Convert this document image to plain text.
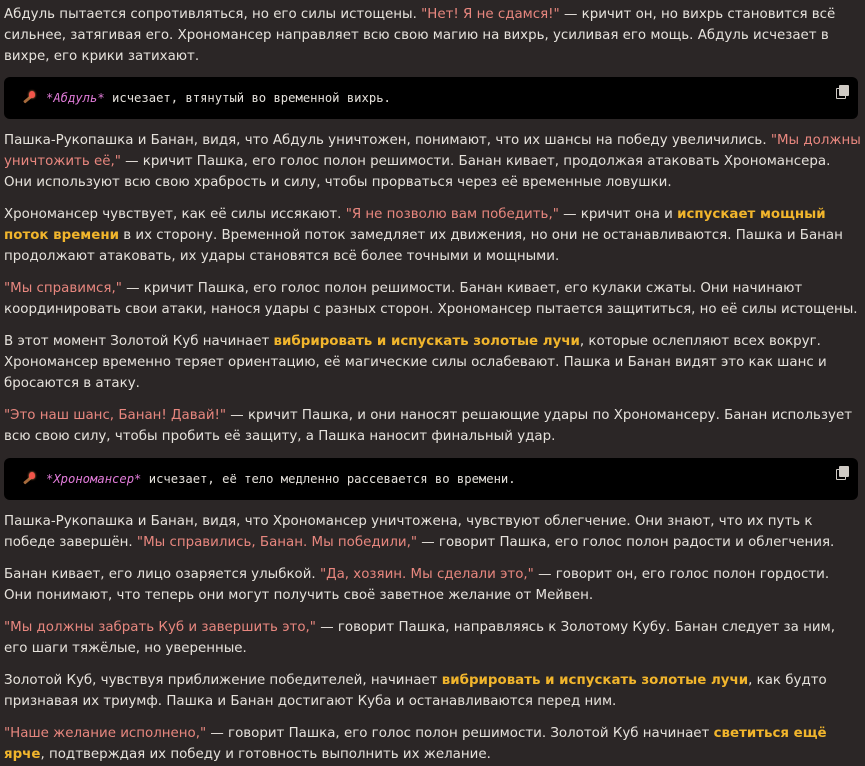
Абдуль пытается сопротивляться, но его силы истощены. "Нет! Я не сдамся!" — кричит он, но вихрь становится всё сильнее, затягивая его. Хрономансер направляет всю свою магию на вихрь, усиливая его мощь. Абдуль исчезает в вихре, его крики затихают.

*Абдуль* исчезает, втянутый во временной вихрь.

Пашка-Рукопашка и Банан, видя, что Абдуль уничтожен, понимают, что их шансы на победу увеличились. "Мы должны уничтожить её," — кричит Пашка, его голос полон решимости. Банан кивает, продолжая атаковать Хрономансера. Они используют всю свою храбрость и силу, чтобы прорваться через её временные ловушки.

Хрономансер чувствует, как её силы иссякают. "Я не позволю вам победить," — кричит она и испускает мощный поток времени в их сторону. Временной поток замедляет их движения, но они не останавливаются. Пашка и Банан продолжают атаковать, их удары становятся всё более точными и мощными.

"Мы справимся," — кричит Пашка, его голос полон решимости. Банан кивает, его кулаки сжаты. Они начинают координировать свои атаки, нанося удары с разных сторон. Хрономансер пытается защититься, но её силы истощены.

В этот момент Золотой Куб начинает вибрировать и испускать золотые лучи, которые ослепляют всех вокруг. Хрономансер временно теряет ориентацию, её магические силы ослабевают. Пашка и Банан видят это как шанс и бросаются в атаку.

"Это наш шанс, Банан! Давай!" — кричит Пашка, и они наносят решающие удары по Хрономансеру. Банан использует всю свою силу, чтобы пробить её защиту, а Пашка наносит финальный удар.

*Хрономансер* исчезает, её тело медленно рассевается во времени.

Пашка-Рукопашка и Банан, видя, что Хрономансер уничтожена, чувствуют облегчение. Они знают, что их путь к победе завершён. "Мы справились, Банан. Мы победили," — говорит Пашка, его голос полон радости и облегчения.

Банан кивает, его лицо озаряется улыбкой. "Да, хозяин. Мы сделали это," — говорит он, его голос полон гордости. Они понимают, что теперь они могут получить своё заветное желание от Мейвен.

"Мы должны забрать Куб и завершить это," — говорит Пашка, направляясь к Золотому Кубу. Банан следует за ним, его шаги тяжёлые, но уверенные.

Золотой Куб, чувствуя приближение победителей, начинает вибрировать и испускать золотые лучи, как будто признавая их триумф. Пашка и Банан достигают Куба и останавливаются перед ним.

"Наше желание исполнено," — говорит Пашка, его голос полон решимости. Золотой Куб начинает светиться ещё ярче, подтверждая их победу и готовность выполнить их желание.
